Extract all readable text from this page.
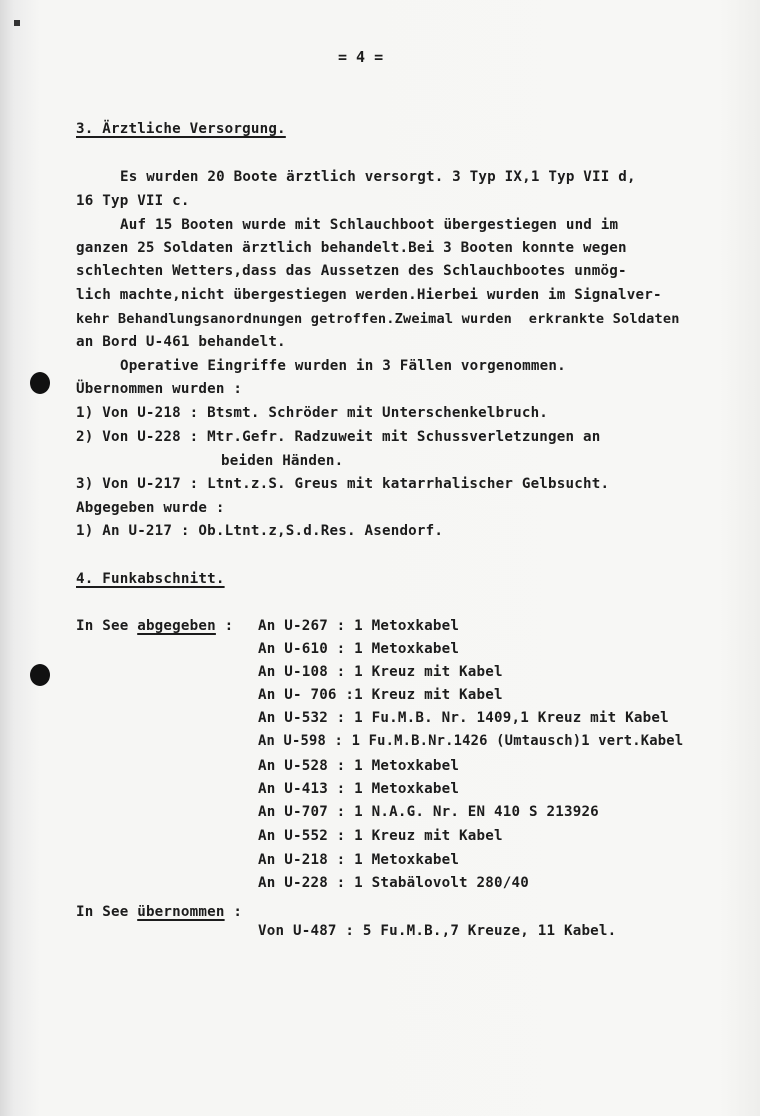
= 4 =
3. Ärztliche Versorgung.
Es wurden 20 Boote ärztlich versorgt. 3 Typ IX,1 Typ VII d,
16 Typ VII c.
Auf 15 Booten wurde mit Schlauchboot übergestiegen und im
ganzen 25 Soldaten ärztlich behandelt.Bei 3 Booten konnte wegen
schlechten Wetters,dass das Aussetzen des Schlauchbootes unmög-
lich machte,nicht übergestiegen werden.Hierbei wurden im Signalver-
kehr Behandlungsanordnungen getroffen.Zweimal wurden  erkrankte Soldaten
an Bord U-461 behandelt.
Operative Eingriffe wurden in 3 Fällen vorgenommen.
Übernommen wurden :
1) Von U-218 : Btsmt. Schröder mit Unterschenkelbruch.
2) Von U-228 : Mtr.Gefr. Radzuweit mit Schussverletzungen an
beiden Händen.
3) Von U-217 : Ltnt.z.S. Greus mit katarrhalischer Gelbsucht.
Abgegeben wurde :
1) An U-217 : Ob.Ltnt.z,S.d.Res. Asendorf.
4. Funkabschnitt.
In See abgegeben : An U-267 : 1 Metoxkabel
An U-610 : 1 Metoxkabel
An U-108 : 1 Kreuz mit Kabel
An U- 706 :1 Kreuz mit Kabel
An U-532 : 1 Fu.M.B. Nr. 1409,1 Kreuz mit Kabel
An U-598 : 1 Fu.M.B.Nr.1426 (Umtausch)1 vert.Kabel
An U-528 : 1 Metoxkabel
An U-413 : 1 Metoxkabel
An U-707 : 1 N.A.G. Nr. EN 410 S 213926
An U-552 : 1 Kreuz mit Kabel
An U-218 : 1 Metoxkabel
An U-228 : 1 Stabälovolt 280/40
In See übernommen :
Von U-487 : 5 Fu.M.B.,7 Kreuze, 11 Kabel.
